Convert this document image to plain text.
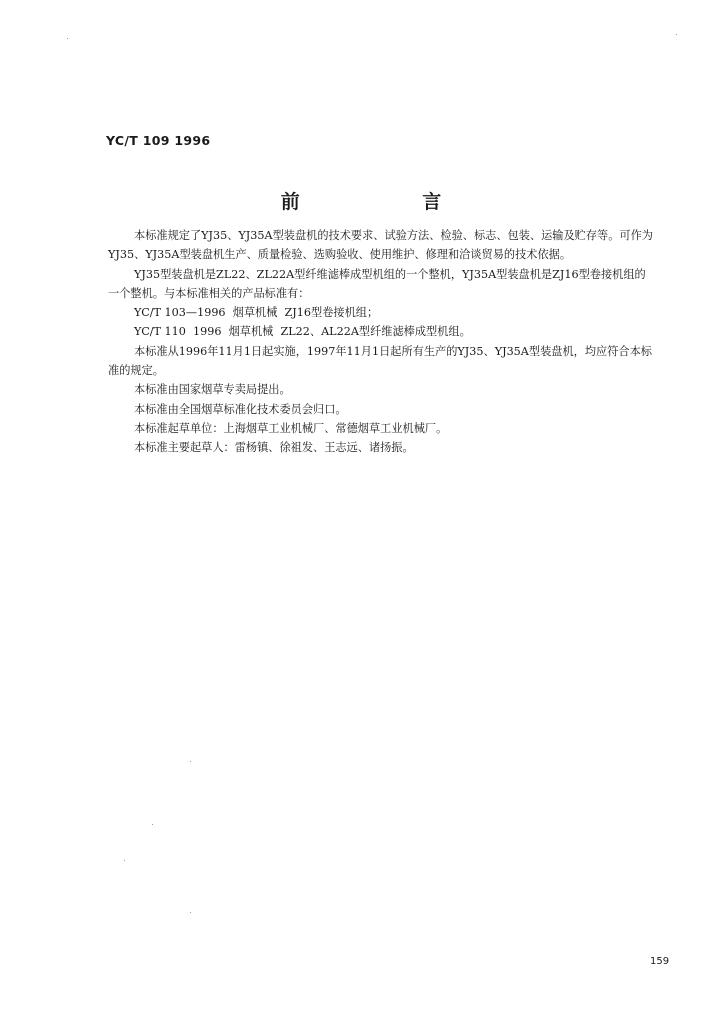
YC/T 109 1996
前 言

本标准规定了YJ35、YJ35A型装盘机的技术要求、试验方法、检验、标志、包装、运输及贮存等。可作为YJ35、YJ35A型装盘机生产、质量检验、选购验收、使用维护、修理和洽谈贸易的技术依据。

YJ35型装盘机是ZL22、ZL22A型纤维滤棒成型机组的一个整机，YJ35A型装盘机是ZJ16型卷接机组的一个整机。与本标准相关的产品标准有：

YC/T 103—1996  烟草机械  ZJ16型卷接机组；

YC/T 110  1996  烟草机械  ZL22、AL22A型纤维滤棒成型机组。

本标准从1996年11月1日起实施，1997年11月1日起所有生产的YJ35、YJ35A型装盘机，均应符合本标准的规定。

本标准由国家烟草专卖局提出。

本标准由全国烟草标准化技术委员会归口。

本标准起草单位：上海烟草工业机械厂、常德烟草工业机械厂。

本标准主要起草人：雷杨镇、徐祖发、王志远、诸扬振。

159
